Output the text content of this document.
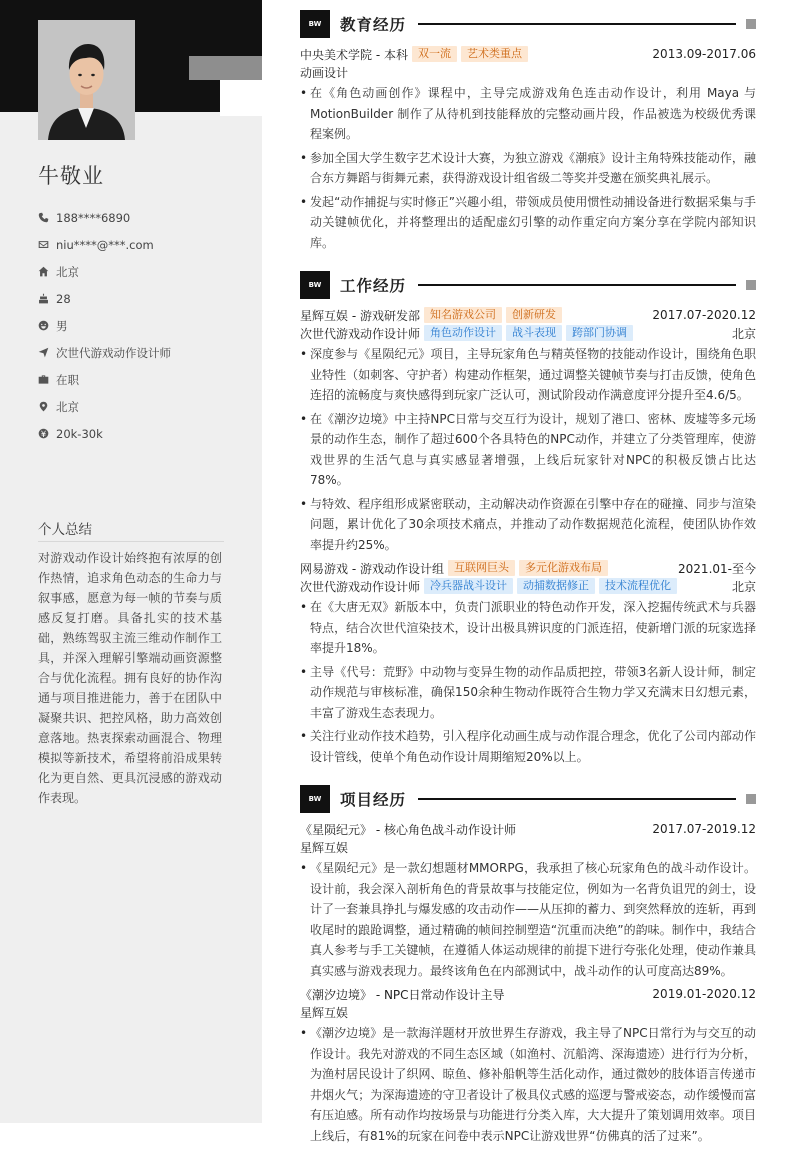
牛敬业
188****6890
niu****@***.com
北京
28
男
次世代游戏动作设计师
在职
北京
20k-30k
个人总结
对游戏动作设计始终抱有浓厚的创作热情，追求角色动态的生命力与叙事感，愿意为每一帧的节奏与质感反复打磨。具备扎实的技术基础，熟练驾驭主流三维动作制作工具，并深入理解引擎端动画资源整合与优化流程。拥有良好的协作沟通与项目推进能力，善于在团队中凝聚共识、把控风格，助力高效创意落地。热衷探索动画混合、物理模拟等新技术，希望将前沿成果转化为更自然、更具沉浸感的游戏动作表现。
BW	教育经历
中央美术学院 - 本科 双一流	艺术类重点	2013.09-2017.06
动画设计
• 在《角色动画创作》课程中，主导完成游戏角色连击动作设计，利用 Maya 与 MotionBuilder 制作了从待机到技能释放的完整动画片段，作品被选为校级优秀课程案例。
• 参加全国大学生数字艺术设计大赛，为独立游戏《潮痕》设计主角特殊技能动作，融合东方舞蹈与街舞元素，获得游戏设计组省级二等奖并受邀在颁奖典礼展示。
• 发起“动作捕捉与实时修正”兴趣小组，带领成员使用惯性动捕设备进行数据采集与手动关键帧优化，并将整理出的适配虚幻引擎的动作重定向方案分享在学院内部知识库。
BW	工作经历
星辉互娱 - 游戏研发部 知名游戏公司	创新研发	2017.07-2020.12
次世代游戏动作设计师 角色动作设计	战斗表现	跨部门协调	北京
• 深度参与《星陨纪元》项目，主导玩家角色与精英怪物的技能动作设计，围绕角色职业特性（如刺客、守护者）构建动作框架，通过调整关键帧节奏与打击反馈，使角色连招的流畅度与爽快感得到玩家广泛认可，测试阶段动作满意度评分提升至4.6/5。
• 在《潮汐边境》中主持NPC日常与交互行为设计，规划了港口、密林、废墟等多元场景的动作生态，制作了超过600个各具特色的NPC动作，并建立了分类管理库，使游戏世界的生活气息与真实感显著增强，上线后玩家针对NPC的积极反馈占比达78%。
• 与特效、程序组形成紧密联动，主动解决动作资源在引擎中存在的碰撞、同步与渲染问题，累计优化了30余项技术痛点，并推动了动作数据规范化流程，使团队协作效率提升约25%。
网易游戏 - 游戏动作设计组 互联网巨头	多元化游戏布局	2021.01-至今
次世代游戏动作设计师 冷兵器战斗设计	动捕数据修正	技术流程优化	北京
• 在《大唐无双》新版本中，负责门派职业的特色动作开发，深入挖掘传统武术与兵器特点，结合次世代渲染技术，设计出极具辨识度的门派连招，使新增门派的玩家选择率提升18%。
• 主导《代号：荒野》中动物与变异生物的动作品质把控，带领3名新人设计师，制定动作规范与审核标准，确保150余种生物动作既符合生物力学又充满末日幻想元素，丰富了游戏生态表现力。
• 关注行业动作技术趋势，引入程序化动画生成与动作混合理念，优化了公司内部动作设计管线，使单个角色动作设计周期缩短20%以上。
BW	项目经历
《星陨纪元》 - 核心角色战斗动作设计师	2017.07-2019.12
星辉互娱
• 《星陨纪元》是一款幻想题材MMORPG，我承担了核心玩家角色的战斗动作设计。设计前，我会深入剖析角色的背景故事与技能定位，例如为一名背负诅咒的剑士，设计了一套兼具挣扎与爆发感的攻击动作——从压抑的蓄力、到突然释放的连斩，再到收尾时的踉跄调整，通过精确的帧间控制塑造“沉重而决绝”的韵味。制作中，我结合真人参考与手工关键帧，在遵循人体运动规律的前提下进行夸张化处理，使动作兼具真实感与游戏表现力。最终该角色在内部测试中，战斗动作的认可度高达89%。
《潮汐边境》 - NPC日常动作设计主导	2019.01-2020.12
星辉互娱
• 《潮汐边境》是一款海洋题材开放世界生存游戏，我主导了NPC日常行为与交互的动作设计。我先对游戏的不同生态区域（如渔村、沉船湾、深海遗迹）进行行为分析，为渔村居民设计了织网、晾鱼、修补船帆等生活化动作，通过微妙的肢体语言传递市井烟火气；为深海遗迹的守卫者设计了极具仪式感的巡逻与警戒姿态，动作缓慢而富有压迫感。所有动作均按场景与功能进行分类入库，大大提升了策划调用效率。项目上线后，有81%的玩家在问卷中表示NPC让游戏世界“仿佛真的活了过来”。
